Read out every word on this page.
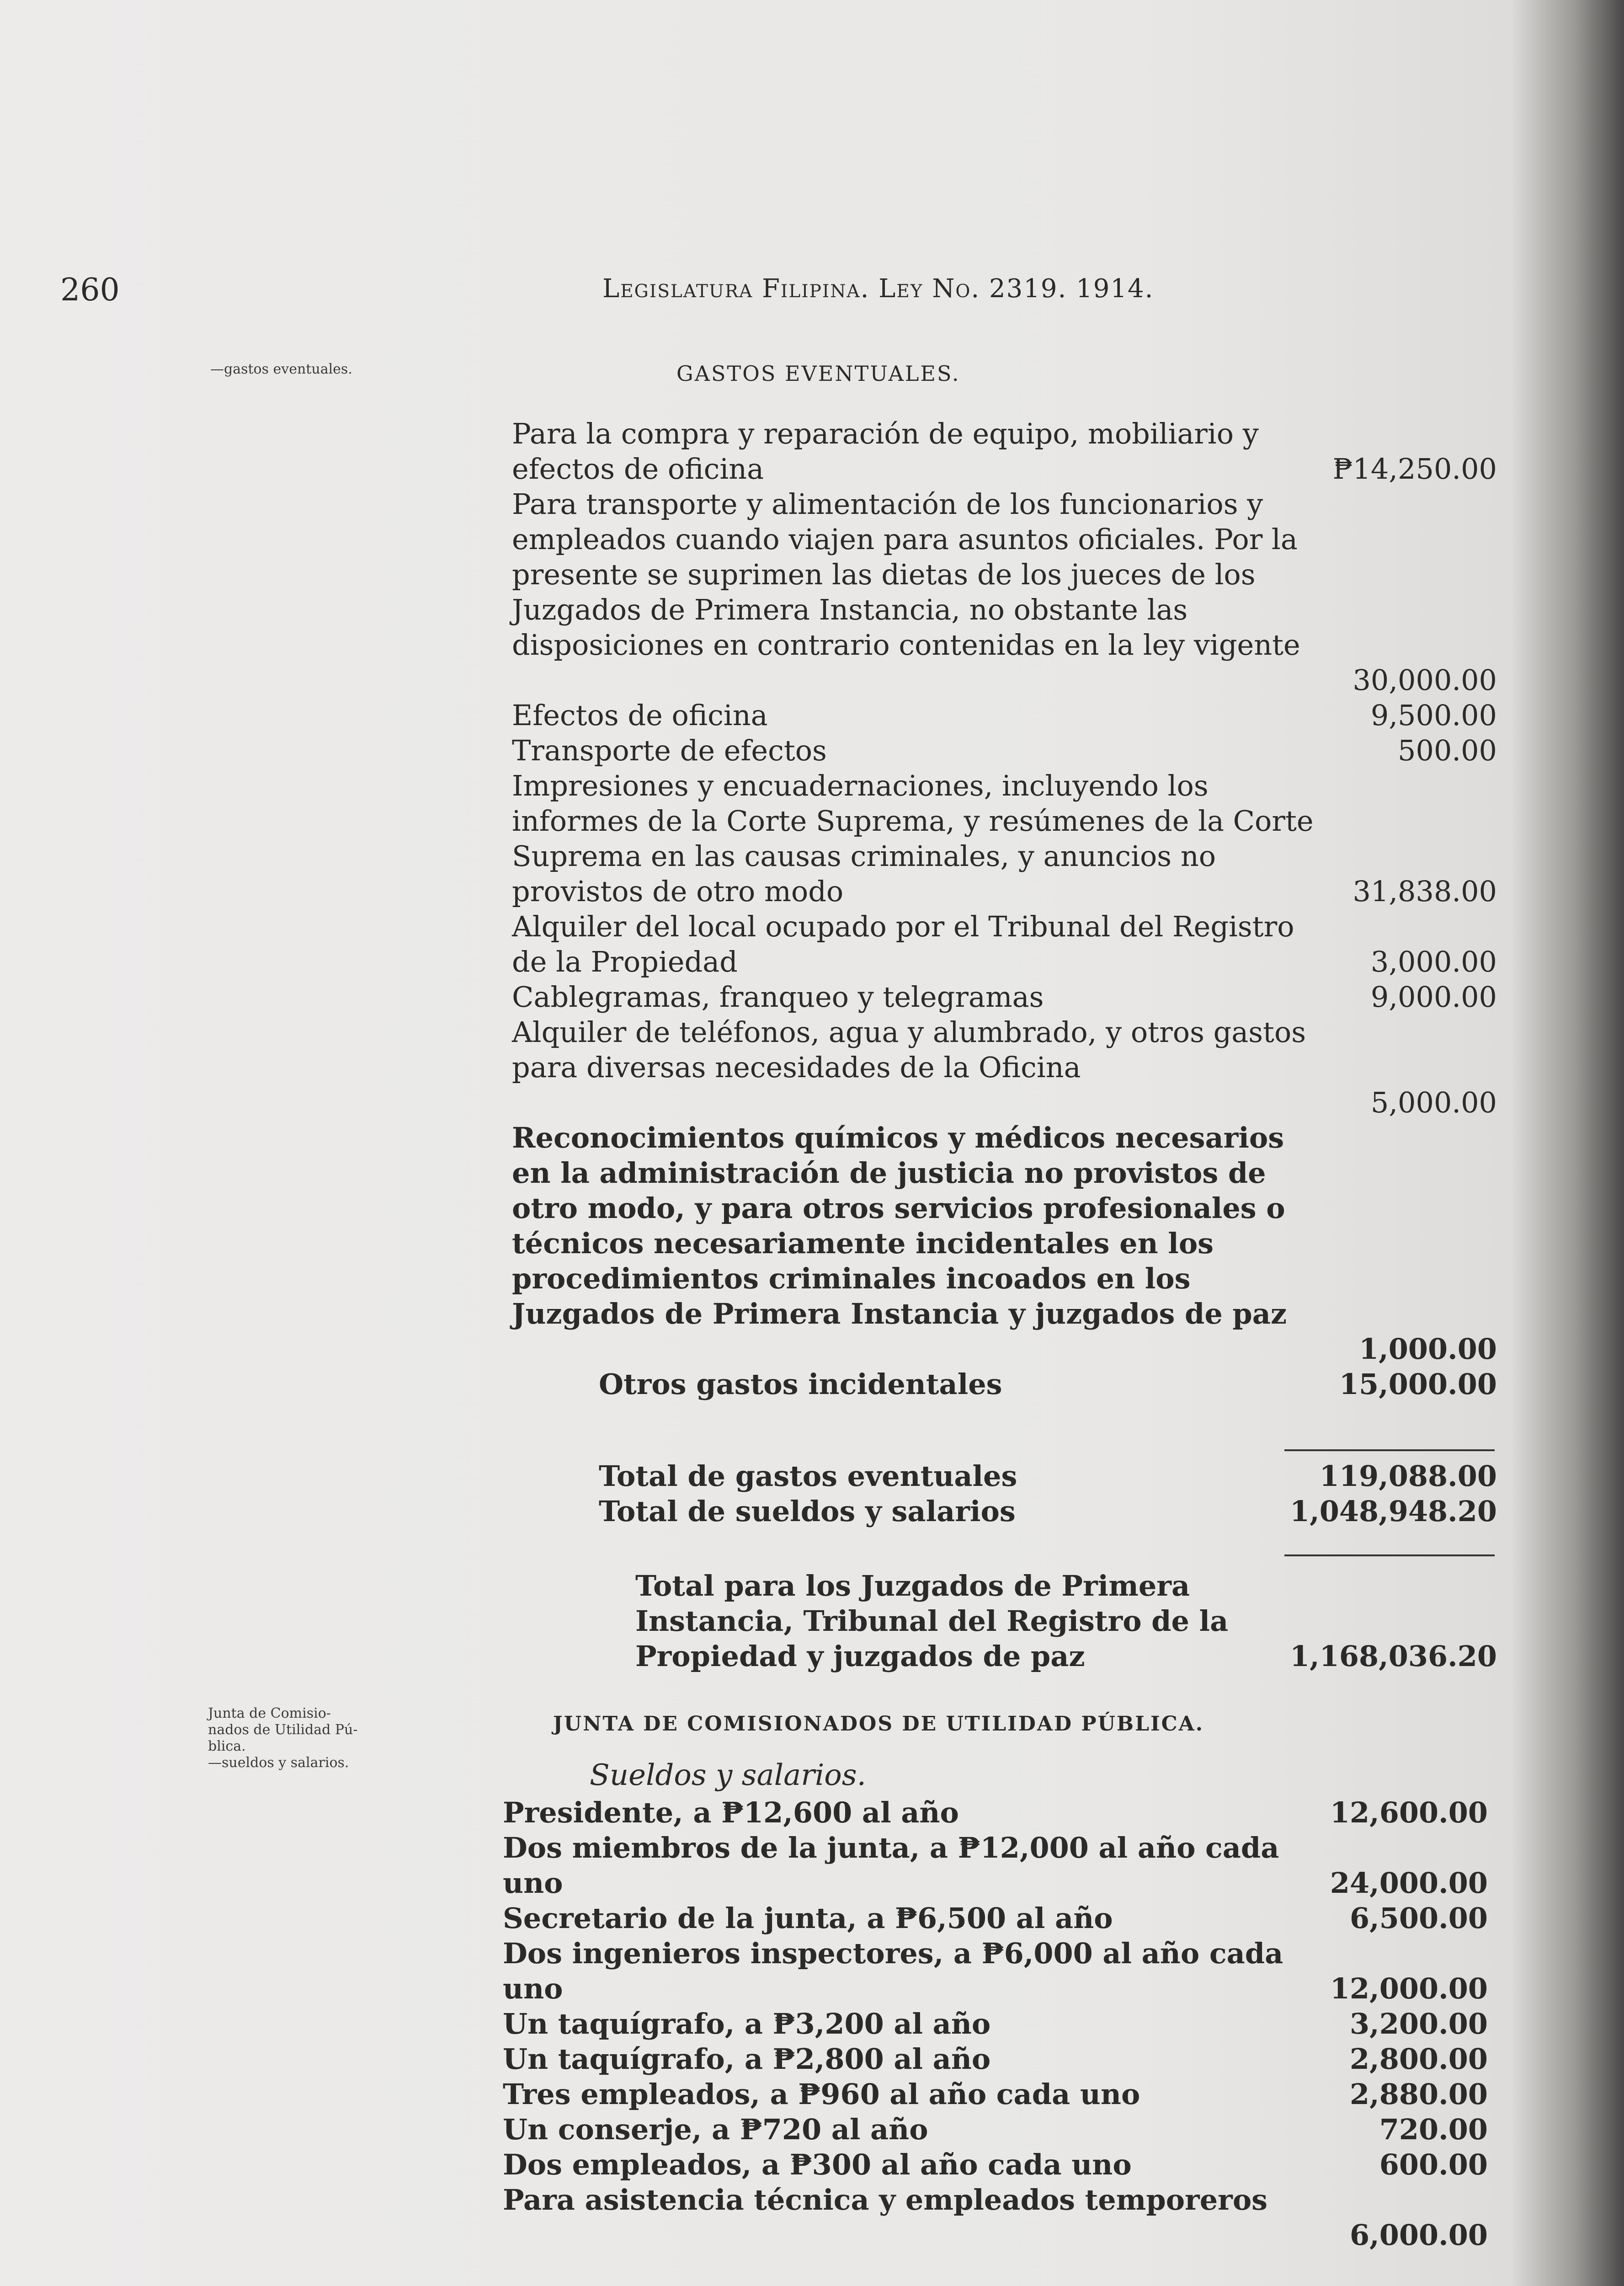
260	Legislatura Filipina. Ley No. 2319. 1914.
—gastos eventuales.	GASTOS EVENTUALES.
Para la compra y reparación de equipo, mobiliario y efectos de oficina	₱14,250.00
Para transporte y alimentación de los funcionarios y empleados cuando viajen para asuntos oficiales. Por la presente se suprimen las dietas de los jueces de los Juzgados de Primera Instancia, no obstante las disposiciones en contrario contenidas en la ley vigente
30,000.00
Efectos de oficina	9,500.00
Transporte de efectos	500.00
Impresiones y encuadernaciones, incluyendo los informes de la Corte Suprema, y resúmenes de la Corte Suprema en las causas criminales, y anuncios no provistos de otro modo	31,838.00
Alquiler del local ocupado por el Tribunal del Registro de la Propiedad	3,000.00
Cablegramas, franqueo y telegramas	9,000.00
Alquiler de teléfonos, agua y alumbrado, y otros gastos para diversas necesidades de la Oficina
5,000.00
Reconocimientos químicos y médicos necesarios en la administración de justicia no provistos de otro modo, y para otros servicios profesionales o técnicos necesariamente incidentales en los procedimientos criminales incoados en los Juzgados de Primera Instancia y juzgados de paz
1,000.00
Otros gastos incidentales	15,000.00
Total de gastos eventuales	119,088.00
Total de sueldos y salarios	1,048,948.20
Total para los Juzgados de Primera Instancia, Tribunal del Registro de la Propiedad y juzgados de paz	1,168,036.20
Junta de Comisio-
nados de Utilidad Pú-
blica.
—sueldos y salarios.
JUNTA DE COMISIONADOS DE UTILIDAD PÚBLICA.
Sueldos y salarios.
Presidente, a ₱12,600 al año	12,600.00
Dos miembros de la junta, a ₱12,000 al año cada uno	24,000.00
Secretario de la junta, a ₱6,500 al año	6,500.00
Dos ingenieros inspectores, a ₱6,000 al año cada uno	12,000.00
Un taquígrafo, a ₱3,200 al año	3,200.00
Un taquígrafo, a ₱2,800 al año	2,800.00
Tres empleados, a ₱960 al año cada uno	2,880.00
Un conserje, a ₱720 al año	720.00
Dos empleados, a ₱300 al año cada uno	600.00
Para asistencia técnica y empleados temporeros
6,000.00
